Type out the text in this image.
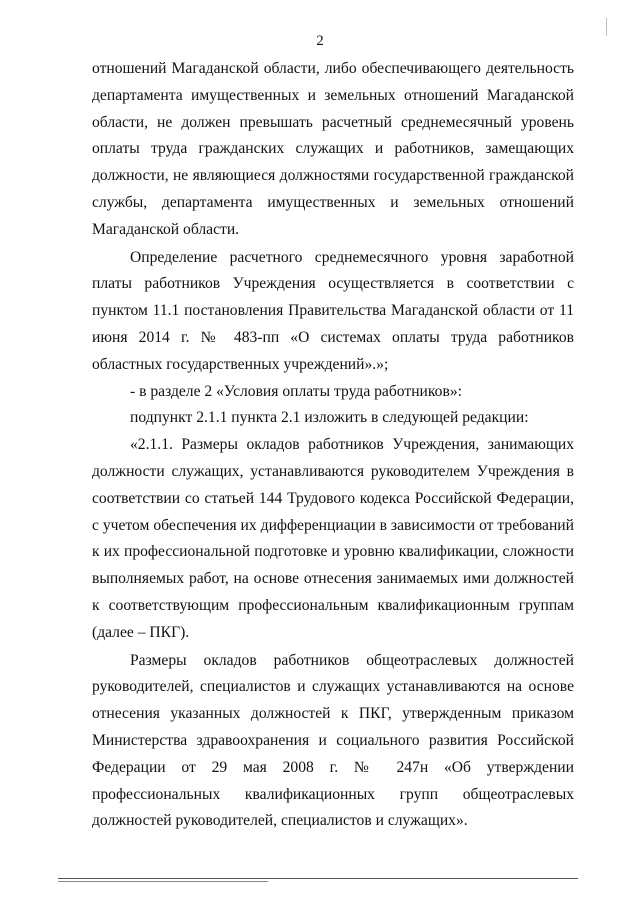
2

отношений Магаданской области, либо обеспечивающего деятельность департамента имущественных и земельных отношений Магаданской области, не должен превышать расчетный среднемесячный уровень оплаты труда гражданских служащих и работников, замещающих должности, не являющиеся должностями государственной гражданской службы, департамента имущественных и земельных отношений Магаданской области.

Определение расчетного среднемесячного уровня заработной платы работников Учреждения осуществляется в соответствии с пунктом 11.1 постановления Правительства Магаданской области от 11 июня 2014 г. № 483-пп «О системах оплаты труда работников областных государственных учреждений».»;

- в разделе 2 «Условия оплаты труда работников»:

подпункт 2.1.1 пункта 2.1 изложить в следующей редакции:

«2.1.1. Размеры окладов работников Учреждения, занимающих должности служащих, устанавливаются руководителем Учреждения в соответствии со статьей 144 Трудового кодекса Российской Федерации, с учетом обеспечения их дифференциации в зависимости от требований к их профессиональной подготовке и уровню квалификации, сложности выполняемых работ, на основе отнесения занимаемых ими должностей к соответствующим профессиональным квалификационным группам (далее – ПКГ).

Размеры окладов работников общеотраслевых должностей руководителей, специалистов и служащих устанавливаются на основе отнесения указанных должностей к ПКГ, утвержденным приказом Министерства здравоохранения и социального развития Российской Федерации от 29 мая 2008 г. № 247н «Об утверждении профессиональных квалификационных групп общеотраслевых должностей руководителей, специалистов и служащих».
